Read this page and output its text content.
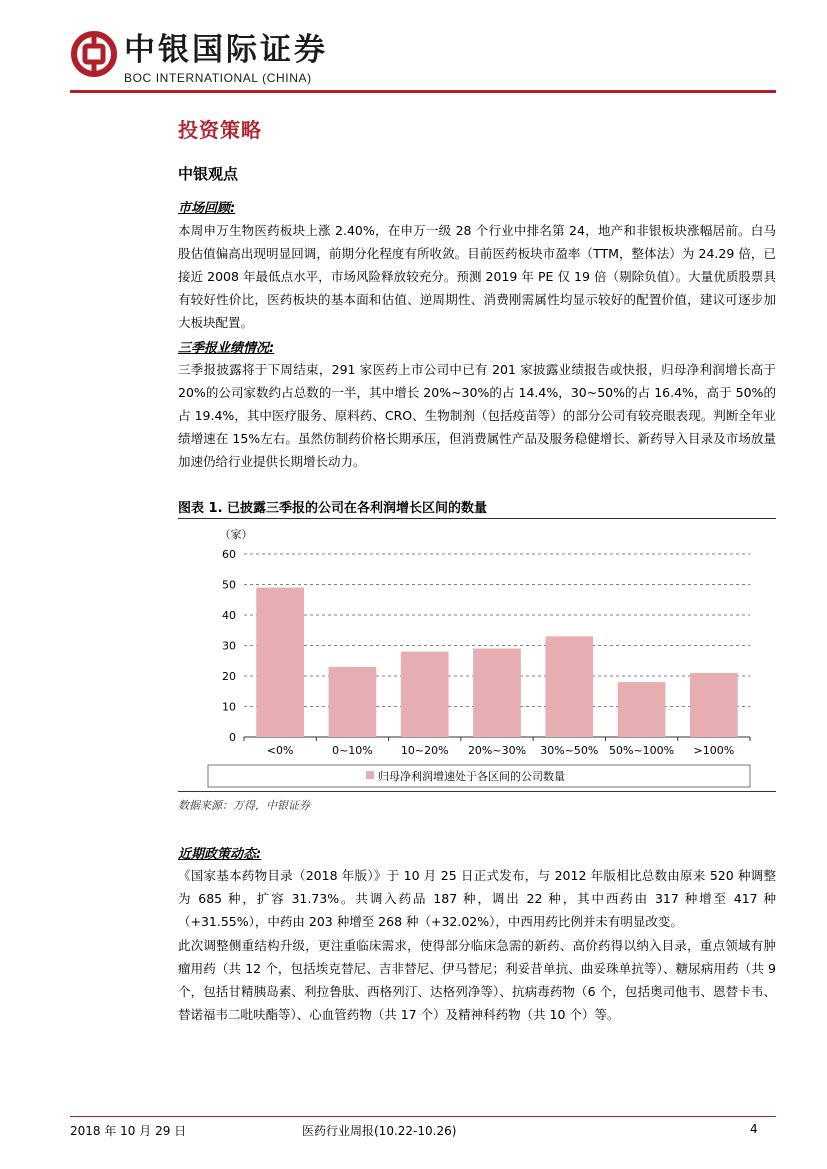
中银国际证券
BOC INTERNATIONAL (CHINA)
投资策略
中银观点
市场回顾:

本周申万生物医药板块上涨 2.40%，在申万一级 28 个行业中排名第 24，地产和非银板块涨幅居前。白马股估值偏高出现明显回调，前期分化程度有所收敛。目前医药板块市盈率（TTM，整体法）为 24.29 倍，已接近 2008 年最低点水平，市场风险释放较充分。预测 2019 年 PE 仅 19 倍（剔除负值）。大量优质股票具有较好性价比，医药板块的基本面和估值、逆周期性、消费刚需属性均显示较好的配置价值，建议可逐步加大板块配置。

三季报业绩情况:

三季报披露将于下周结束，291 家医药上市公司中已有 201 家披露业绩报告或快报，归母净利润增长高于 20%的公司家数约占总数的一半，其中增长 20%~30%的占 14.4%，30~50%的占 16.4%，高于 50%的占 19.4%，其中医疗服务、原料药、CRO、生物制剂（包括疫苗等）的部分公司有较亮眼表现。判断全年业绩增速在 15%左右。虽然仿制药价格长期承压，但消费属性产品及服务稳健增长、新药导入目录及市场放量加速仍给行业提供长期增长动力。

图表 1. 已披露三季报的公司在各利润增长区间的数量
（家）
0
10
20
30
40
50
60
<0%	0~10%	10~20% 20%~30% 30%~50% 50%~100% >100%
归母净利润增速处于各区间的公司数量
数据来源：万得，中银证券
近期政策动态:

《国家基本药物目录（2018 年版）》于 10 月 25 日正式发布，与 2012 年版相比总数由原来 520 种调整为 685 种，扩容 31.73%。共调入药品 187 种，调出 22 种，其中西药由 317 种增至 417 种（+31.55%），中药由 203 种增至 268 种（+32.02%），中西用药比例并未有明显改变。

此次调整侧重结构升级，更注重临床需求，使得部分临床急需的新药、高价药得以纳入目录，重点领域有肿瘤用药（共 12 个，包括埃克替尼、吉非替尼、伊马替尼；利妥昔单抗、曲妥珠单抗等）、糖尿病用药（共 9 个，包括甘精胰岛素、利拉鲁肽、西格列汀、达格列净等）、抗病毒药物（6 个，包括奥司他韦、恩替卡韦、替诺福韦二吡呋酯等）、心血管药物（共 17 个）及精神科药物（共 10 个）等。

2018 年 10 月 29 日	医药行业周报(10.22-10.26)	4
